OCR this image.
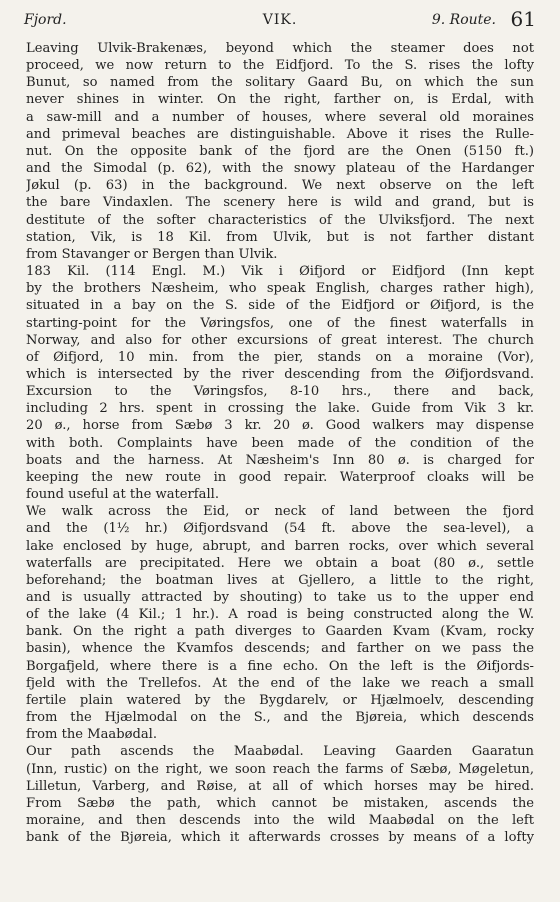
Fjord.	VIK.	9. Route. 61
Leaving Ulvik-Brakenæs, beyond which the steamer does not
proceed, we now return to the Eidfjord. To the S. rises the lofty
Bunut, so named from the solitary Gaard Bu, on which the sun
never shines in winter. On the right, farther on, is Erdal, with
a saw-mill and a number of houses, where several old moraines
and primeval beaches are distinguishable. Above it rises the Rulle-
nut. On the opposite bank of the fjord are the Onen (5150 ft.)
and the Simodal (p. 62), with the snowy plateau of the Hardanger
Jøkul (p. 63) in the background. We next observe on the left
the bare Vindaxlen. The scenery here is wild and grand, but is
destitute of the softer characteristics of the Ulviksfjord. The next
station, Vik, is 18 Kil. from Ulvik, but is not farther distant
from Stavanger or Bergen than Ulvik.
183 Kil. (114 Engl. M.) Vik i Øifjord or Eidfjord (Inn kept
by the brothers Næsheim, who speak English, charges rather high),
situated in a bay on the S. side of the Eidfjord or Øifjord, is the
starting-point for the Vøringsfos, one of the finest waterfalls in
Norway, and also for other excursions of great interest. The church
of Øifjord, 10 min. from the pier, stands on a moraine (Vor),
which is intersected by the river descending from the Øifjordsvand.
Excursion to the Vøringsfos, 8-10 hrs., there and back,
including 2 hrs. spent in crossing the lake. Guide from Vik 3 kr.
20 ø., horse from Sæbø 3 kr. 20 ø. Good walkers may dispense
with both. Complaints have been made of the condition of the
boats and the harness. At Næsheim's Inn 80 ø. is charged for
keeping the new route in good repair. Waterproof cloaks will be
found useful at the waterfall.
We walk across the Eid, or neck of land between the fjord
and the (1½ hr.) Øifjordsvand (54 ft. above the sea-level), a
lake enclosed by huge, abrupt, and barren rocks, over which several
waterfalls are precipitated. Here we obtain a boat (80 ø., settle
beforehand; the boatman lives at Gjellero, a little to the right,
and is usually attracted by shouting) to take us to the upper end
of the lake (4 Kil.; 1 hr.). A road is being constructed along the W.
bank. On the right a path diverges to Gaarden Kvam (Kvam, rocky
basin), whence the Kvamfos descends; and farther on we pass the
Borgafjeld, where there is a fine echo. On the left is the Øifjords-
fjeld with the Trellefos. At the end of the lake we reach a small
fertile plain watered by the Bygdarelv, or Hjælmoelv, descending
from the Hjælmodal on the S., and the Bjøreia, which descends
from the Maabødal.
Our path ascends the Maabødal. Leaving Gaarden Gaaratun
(Inn, rustic) on the right, we soon reach the farms of Sæbø, Møgeletun,
Lilletun, Varberg, and Røise, at all of which horses may be hired.
From Sæbø the path, which cannot be mistaken, ascends the
moraine, and then descends into the wild Maabødal on the left
bank of the Bjøreia, which it afterwards crosses by means of a lofty
